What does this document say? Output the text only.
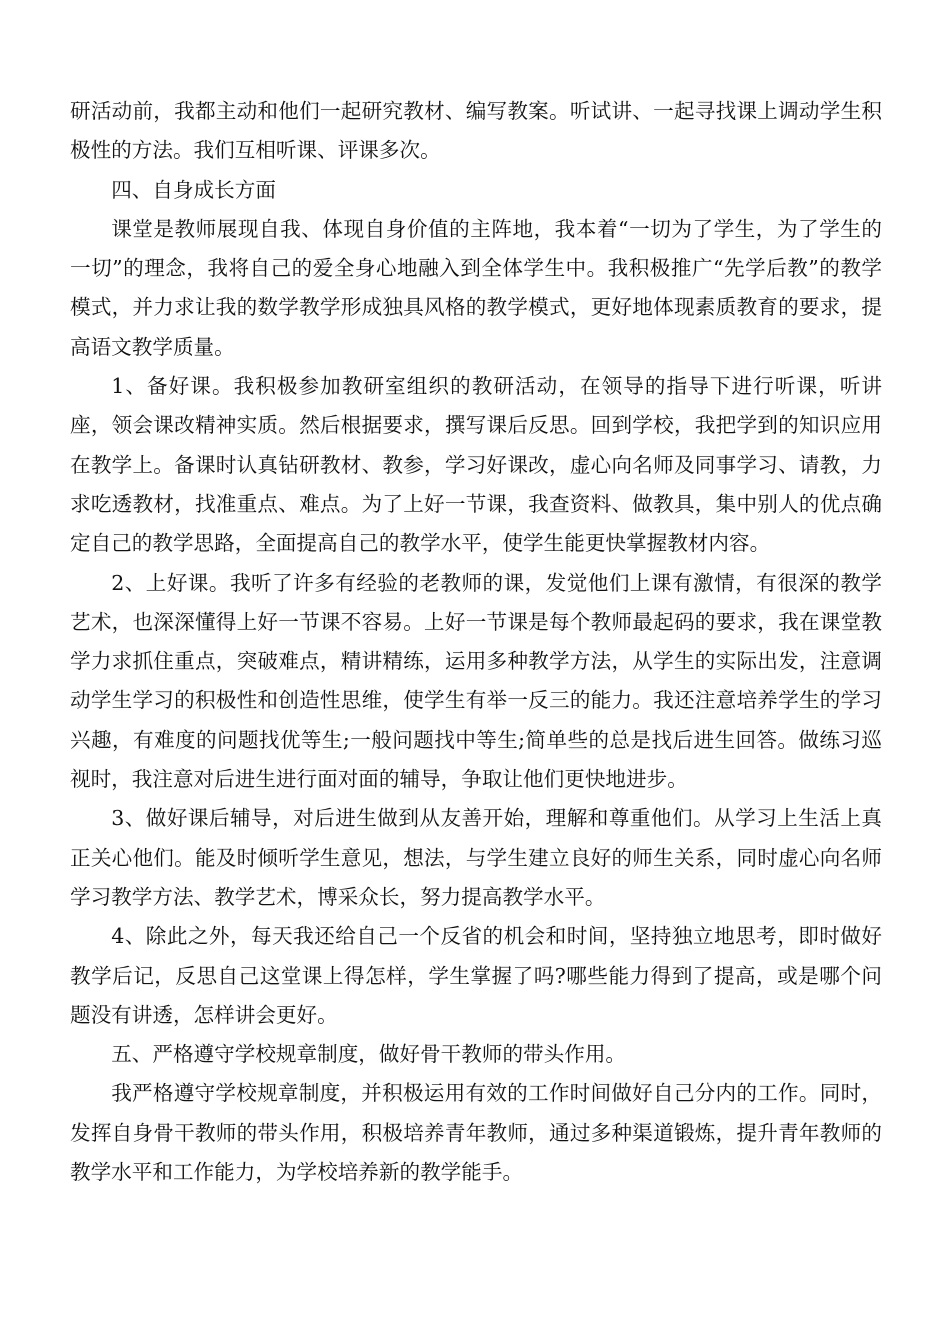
研活动前，我都主动和他们一起研究教材、编写教案。听试讲、一起寻找课上调动学生积极性的方法。我们互相听课、评课多次。

四、自身成长方面

课堂是教师展现自我、体现自身价值的主阵地，我本着“一切为了学生，为了学生的一切”的理念，我将自己的爱全身心地融入到全体学生中。我积极推广“先学后教”的教学模式，并力求让我的数学教学形成独具风格的教学模式，更好地体现素质教育的要求，提高语文教学质量。

1、备好课。我积极参加教研室组织的教研活动，在领导的指导下进行听课，听讲座，领会课改精神实质。然后根据要求，撰写课后反思。回到学校，我把学到的知识应用在教学上。备课时认真钻研教材、教参，学习好课改，虚心向名师及同事学习、请教，力求吃透教材，找准重点、难点。为了上好一节课，我查资料、做教具，集中别人的优点确定自己的教学思路，全面提高自己的教学水平，使学生能更快掌握教材内容。

2、上好课。我听了许多有经验的老教师的课，发觉他们上课有激情，有很深的教学艺术，也深深懂得上好一节课不容易。上好一节课是每个教师最起码的要求，我在课堂教学力求抓住重点，突破难点，精讲精练，运用多种教学方法，从学生的实际出发，注意调动学生学习的积极性和创造性思维，使学生有举一反三的能力。我还注意培养学生的学习兴趣，有难度的问题找优等生;一般问题找中等生;简单些的总是找后进生回答。做练习巡视时，我注意对后进生进行面对面的辅导，争取让他们更快地进步。

3、做好课后辅导，对后进生做到从友善开始，理解和尊重他们。从学习上生活上真正关心他们。能及时倾听学生意见，想法，与学生建立良好的师生关系，同时虚心向名师学习教学方法、教学艺术，博采众长，努力提高教学水平。

4、除此之外，每天我还给自己一个反省的机会和时间，坚持独立地思考，即时做好教学后记，反思自己这堂课上得怎样，学生掌握了吗?哪些能力得到了提高，或是哪个问题没有讲透，怎样讲会更好。

五、严格遵守学校规章制度，做好骨干教师的带头作用。

我严格遵守学校规章制度，并积极运用有效的工作时间做好自己分内的工作。同时，发挥自身骨干教师的带头作用，积极培养青年教师，通过多种渠道锻炼，提升青年教师的教学水平和工作能力，为学校培养新的教学能手。
